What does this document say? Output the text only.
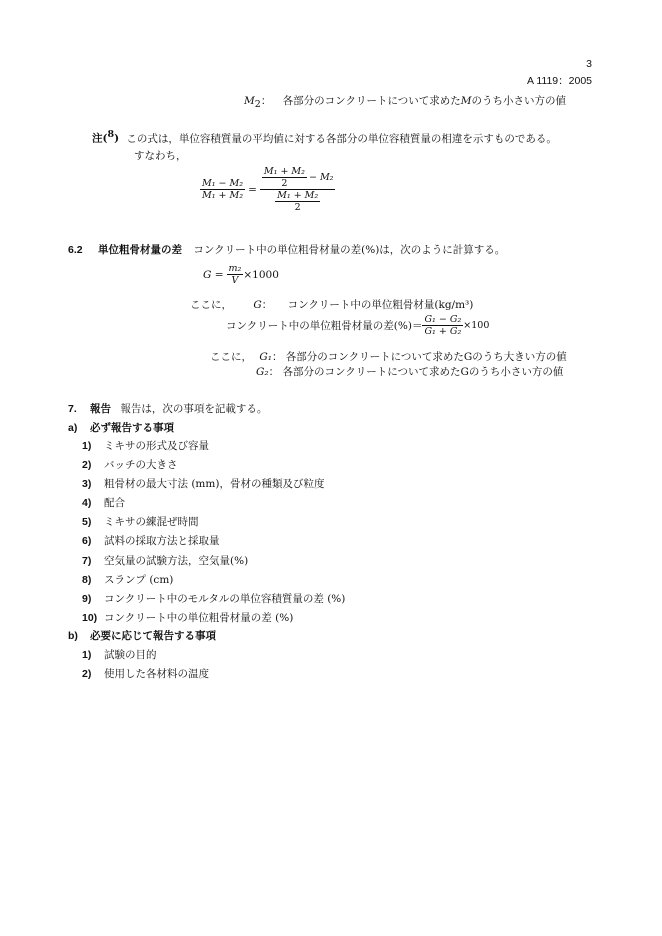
3
A 1119：2005
$M_2$： 各部分のコンクリートについて求めたMのうち小さい方の値
注($^8$) この式は，単位容積質量の平均値に対する各部分の単位容積質量の相違を示すものである。
すなわち，
$\frac{\text{M₁ − M₂}}{\text{M₁ + M₂}} = \frac{\frac{\text{M₁ + M₂}}{2} - M_2}{\frac{\text{M₁ + M₂}}{2}}$
6.2 単位粗骨材量の差 コンクリート中の単位粗骨材量の差(%)は，次のように計算する。
$G = \frac{\text{m₂}}{V} \times 1000$
ここに， G： コンクリート中の単位粗骨材量(kg/m³)
コンクリート中の単位粗骨材量の差(%)＝ $\frac{\text{G₁ − G₂}}{\text{G₁ + G₂}} \times 100$
ここに， G₁： 各部分のコンクリートについて求めたGのうち大きい方の値
G₂： 各部分のコンクリートについて求めたGのうち小さい方の値
7. 報告 報告は，次の事項を記載する。
a) 必ず報告する事項
1) ミキサの形式及び容量
2) バッチの大きさ
3) 粗骨材の最大寸法 (mm)，骨材の種類及び粒度
4) 配合
5) ミキサの練混ぜ時間
6) 試料の採取方法と採取量
7) 空気量の試験方法，空気量(%)
8) スランプ (cm)
9) コンクリート中のモルタルの単位容積質量の差 (%)
10) コンクリート中の単位粗骨材量の差 (%)
b) 必要に応じて報告する事項
1) 試験の目的
2) 使用した各材料の温度
